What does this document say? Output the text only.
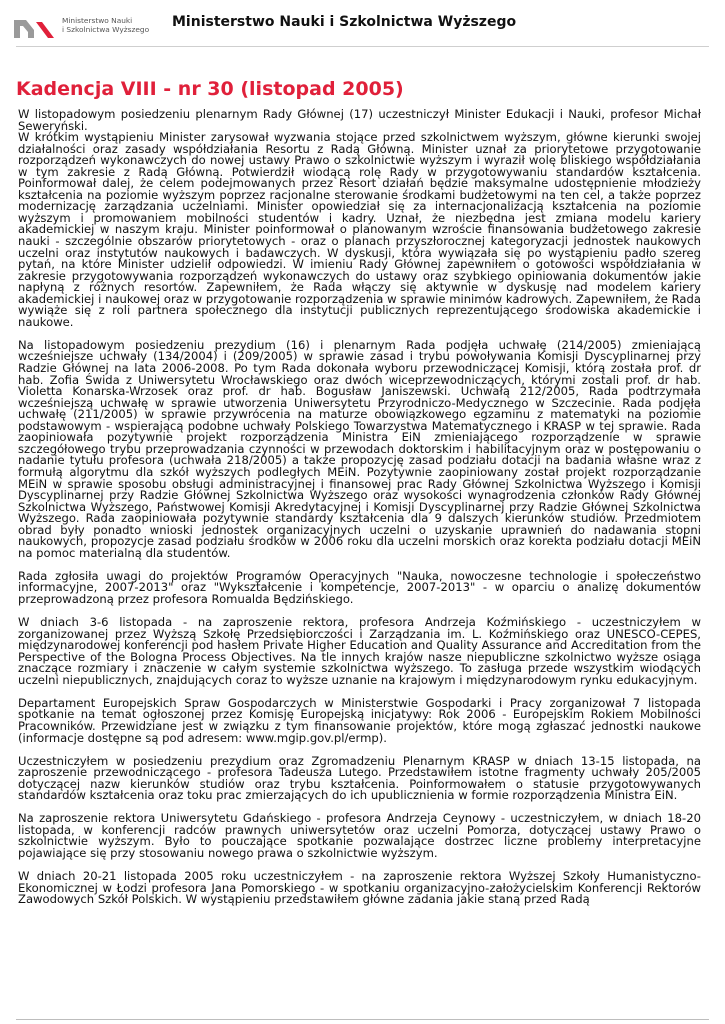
Ministerstwo Nauki
i Szkolnictwa Wyższego	Ministerstwo Nauki i Szkolnictwa Wyższego
Kadencja VIII - nr 30 (listopad 2005)

W listopadowym posiedzeniu plenarnym Rady Głównej (17) uczestniczył Minister Edukacji i Nauki, profesor Michał Seweryński.
W krótkim wystąpieniu Minister zarysował wyzwania stojące przed szkolnictwem wyższym, główne kierunki swojej działalności oraz zasady współdziałania Resortu z Radą Główną. Minister uznał za priorytetowe przygotowanie rozporządzeń wykonawczych do nowej ustawy Prawo o szkolnictwie wyższym i wyraził wolę bliskiego współdziałania w tym zakresie z Radą Główną. Potwierdził wiodącą rolę Rady w przygotowywaniu standardów kształcenia. Poinformował dalej, że celem podejmowanych przez Resort działań będzie maksymalne udostępnienie młodzieży kształcenia na poziomie wyższym poprzez racjonalne sterowanie środkami budżetowymi na ten cel, a także poprzez modernizację zarządzania uczelniami. Minister opowiedział się za internacjonalizacją kształcenia na poziomie wyższym i promowaniem mobilności studentów i kadry. Uznał, że niezbędna jest zmiana modelu kariery akademickiej w naszym kraju. Minister poinformował o planowanym wzroście finansowania budżetowego zakresie nauki - szczególnie obszarów priorytetowych - oraz o planach przyszłorocznej kategoryzacji jednostek naukowych uczelni oraz instytutów naukowych i badawczych. W dyskusji, która wywiązała się po wystąpieniu padło szereg pytań, na które Minister udzielił odpowiedzi. W imieniu Rady Głównej zapewniłem o gotowości współdziałania w zakresie przygotowywania rozporządzeń wykonawczych do ustawy oraz szybkiego opiniowania dokumentów jakie napłyną z różnych resortów. Zapewniłem, że Rada włączy się aktywnie w dyskusję nad modelem kariery akademickiej i naukowej oraz w przygotowanie rozporządzenia w sprawie minimów kadrowych. Zapewniłem, że Rada wywiąże się z roli partnera społecznego dla instytucji publicznych reprezentującego środowiska akademickie i naukowe.

Na listopadowym posiedzeniu prezydium (16) i plenarnym Rada podjęła uchwałę (214/2005) zmieniającą wcześniejsze uchwały (134/2004) i (209/2005) w sprawie zasad i trybu powoływania Komisji Dyscyplinarnej przy Radzie Głównej na lata 2006-2008. Po tym Rada dokonała wyboru przewodniczącej Komisji, którą została prof. dr hab. Zofia Świda z Uniwersytetu Wrocławskiego oraz dwóch wiceprzewodniczących, którymi zostali prof. dr hab. Violetta Konarska-Wrzosek oraz prof. dr hab. Bogusław Janiszewski. Uchwałą 212/2005, Rada podtrzymała wcześniejszą uchwałę w sprawie utworzenia Uniwersytetu Przyrodniczo-Medycznego w Szczecinie. Rada podjęła uchwałę (211/2005) w sprawie przywrócenia na maturze obowiązkowego egzaminu z matematyki na poziomie podstawowym - wspierającą podobne uchwały Polskiego Towarzystwa Matematycznego i KRASP w tej sprawie. Rada zaopiniowała pozytywnie projekt rozporządzenia Ministra EiN zmieniającego rozporządzenie w sprawie szczegółowego trybu przeprowadzania czynności w przewodach doktorskim i habilitacyjnym oraz w postępowaniu o nadanie tytułu profesora (uchwała 218/2005) a także propozycję zasad podziału dotacji na badania własne wraz z formułą algorytmu dla szkół wyższych podległych MEiN. Pozytywnie zaopiniowany został projekt rozporządzanie MEiN w sprawie sposobu obsługi administracyjnej i finansowej prac Rady Głównej Szkolnictwa Wyższego i Komisji Dyscyplinarnej przy Radzie Głównej Szkolnictwa Wyższego oraz wysokości wynagrodzenia członków Rady Głównej Szkolnictwa Wyższego, Państwowej Komisji Akredytacyjnej i Komisji Dyscyplinarnej przy Radzie Głównej Szkolnictwa Wyższego. Rada zaopiniowała pozytywnie standardy kształcenia dla 9 dalszych kierunków studiów. Przedmiotem obrad były ponadto wnioski jednostek organizacyjnych uczelni o uzyskanie uprawnień do nadawania stopni naukowych, propozycje zasad podziału środków w 2006 roku dla uczelni morskich oraz korekta podziału dotacji MEiN na pomoc materialną dla studentów.

Rada zgłosiła uwagi do projektów Programów Operacyjnych "Nauka, nowoczesne technologie i społeczeństwo informacyjne, 2007-2013" oraz "Wykształcenie i kompetencje, 2007-2013" - w oparciu o analizę dokumentów przeprowadzoną przez profesora Romualda Będzińskiego.

W dniach 3-6 listopada - na zaproszenie rektora, profesora Andrzeja Koźmińskiego - uczestniczyłem w zorganizowanej przez Wyższą Szkołę Przedsiębiorczości i Zarządzania im. L. Koźmińskiego oraz UNESCO-CEPES, międzynarodowej konferencji pod hasłem Private Higher Education and Quality Assurance and Accreditation from the Perspective of the Bologna Process Objectives. Na tle innych krajów nasze niepubliczne szkolnictwo wyższe osiąga znaczące rozmiary i znaczenie w całym systemie szkolnictwa wyższego. To zasługa przede wszystkim wiodących uczelni niepublicznych, znajdujących coraz to wyższe uznanie na krajowym i międzynarodowym rynku edukacyjnym.

Departament Europejskich Spraw Gospodarczych w Ministerstwie Gospodarki i Pracy zorganizował 7 listopada spotkanie na temat ogłoszonej przez Komisję Europejską inicjatywy: Rok 2006 - Europejskim Rokiem Mobilności Pracowników. Przewidziane jest w związku z tym finansowanie projektów, które mogą zgłaszać jednostki naukowe (informacje dostępne są pod adresem: www.mgip.gov.pl/ermp).

Uczestniczyłem w posiedzeniu prezydium oraz Zgromadzeniu Plenarnym KRASP w dniach 13-15 listopada, na zaproszenie przewodniczącego - profesora Tadeusza Lutego. Przedstawiłem istotne fragmenty uchwały 205/2005 dotyczącej nazw kierunków studiów oraz trybu kształcenia. Poinformowałem o statusie przygotowywanych standardów kształcenia oraz toku prac zmierzających do ich upublicznienia w formie rozporządzenia Ministra EiN.

Na zaproszenie rektora Uniwersytetu Gdańskiego - profesora Andrzeja Ceynowy - uczestniczyłem, w dniach 18-20 listopada, w konferencji radców prawnych uniwersytetów oraz uczelni Pomorza, dotyczącej ustawy Prawo o szkolnictwie wyższym. Było to pouczające spotkanie pozwalające dostrzec liczne problemy interpretacyjne pojawiające się przy stosowaniu nowego prawa o szkolnictwie wyższym.

W dniach 20-21 listopada 2005 roku uczestniczyłem - na zaproszenie rektora Wyższej Szkoły Humanistyczno-Ekonomicznej w Łodzi profesora Jana Pomorskiego - w spotkaniu organizacyjno-założycielskim Konferencji Rektorów Zawodowych Szkół Polskich. W wystąpieniu przedstawiłem główne zadania jakie staną przed Radą
